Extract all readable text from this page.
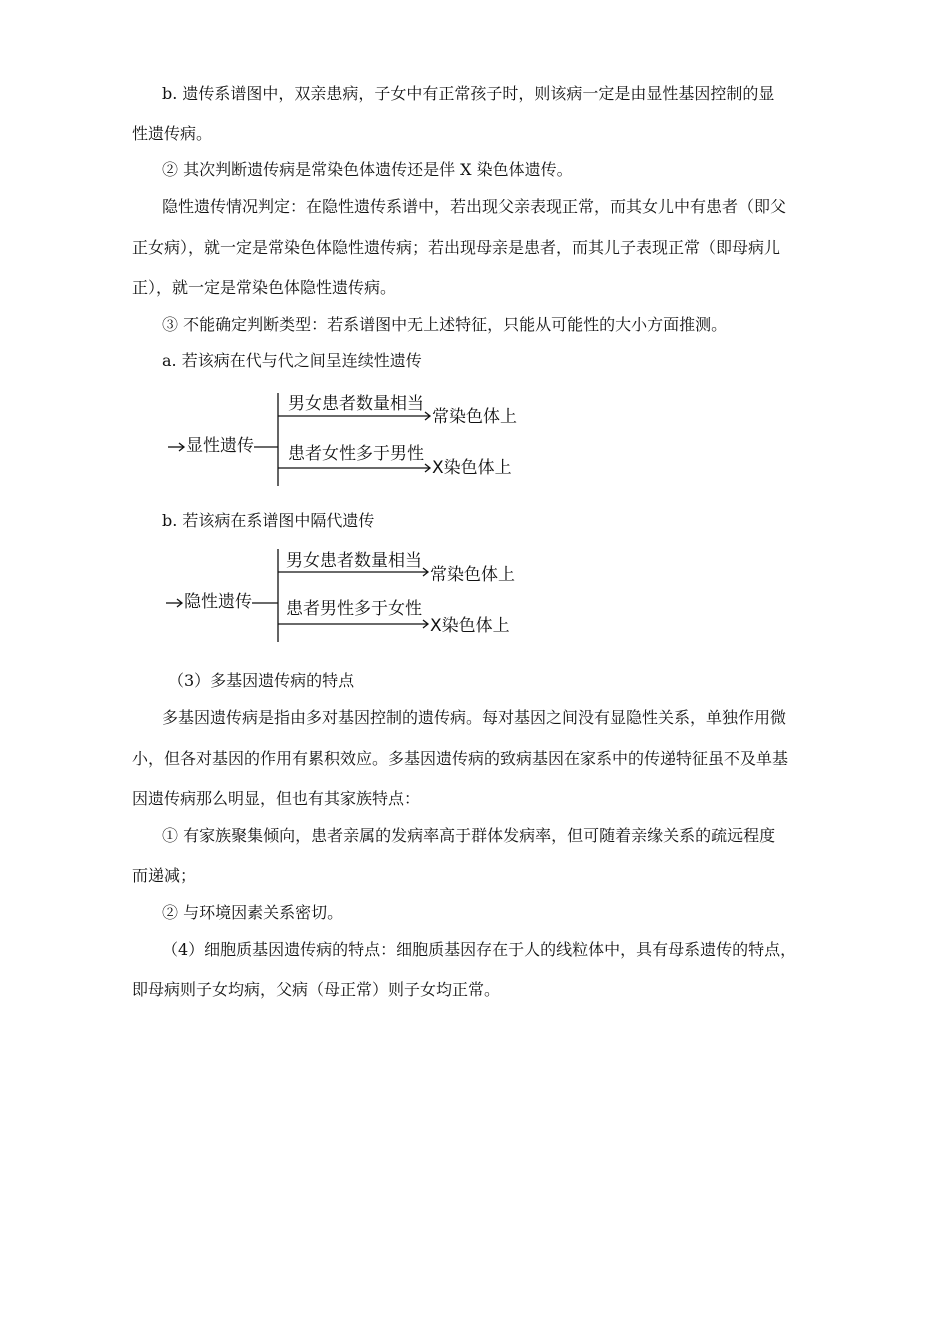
b. 遗传系谱图中，双亲患病，子女中有正常孩子时，则该病一定是由显性基因控制的显
性遗传病。
② 其次判断遗传病是常染色体遗传还是伴 X 染色体遗传。
隐性遗传情况判定：在隐性遗传系谱中，若出现父亲表现正常，而其女儿中有患者（即父
正女病），就一定是常染色体隐性遗传病；若出现母亲是患者，而其儿子表现正常（即母病儿
正），就一定是常染色体隐性遗传病。
③ 不能确定判断类型：若系谱图中无上述特征，只能从可能性的大小方面推测。
a. 若该病在代与代之间呈连续性遗传
显性遗传
男女患者数量相当
常染色体上
患者女性多于男性
X染色体上
b. 若该病在系谱图中隔代遗传
隐性遗传
男女患者数量相当
常染色体上
患者男性多于女性
X染色体上
（3）多基因遗传病的特点
多基因遗传病是指由多对基因控制的遗传病。每对基因之间没有显隐性关系，单独作用微
小，但各对基因的作用有累积效应。多基因遗传病的致病基因在家系中的传递特征虽不及单基
因遗传病那么明显，但也有其家族特点：
① 有家族聚集倾向，患者亲属的发病率高于群体发病率，但可随着亲缘关系的疏远程度
而递减；
② 与环境因素关系密切。
（4）细胞质基因遗传病的特点：细胞质基因存在于人的线粒体中，具有母系遗传的特点，
即母病则子女均病，父病（母正常）则子女均正常。
